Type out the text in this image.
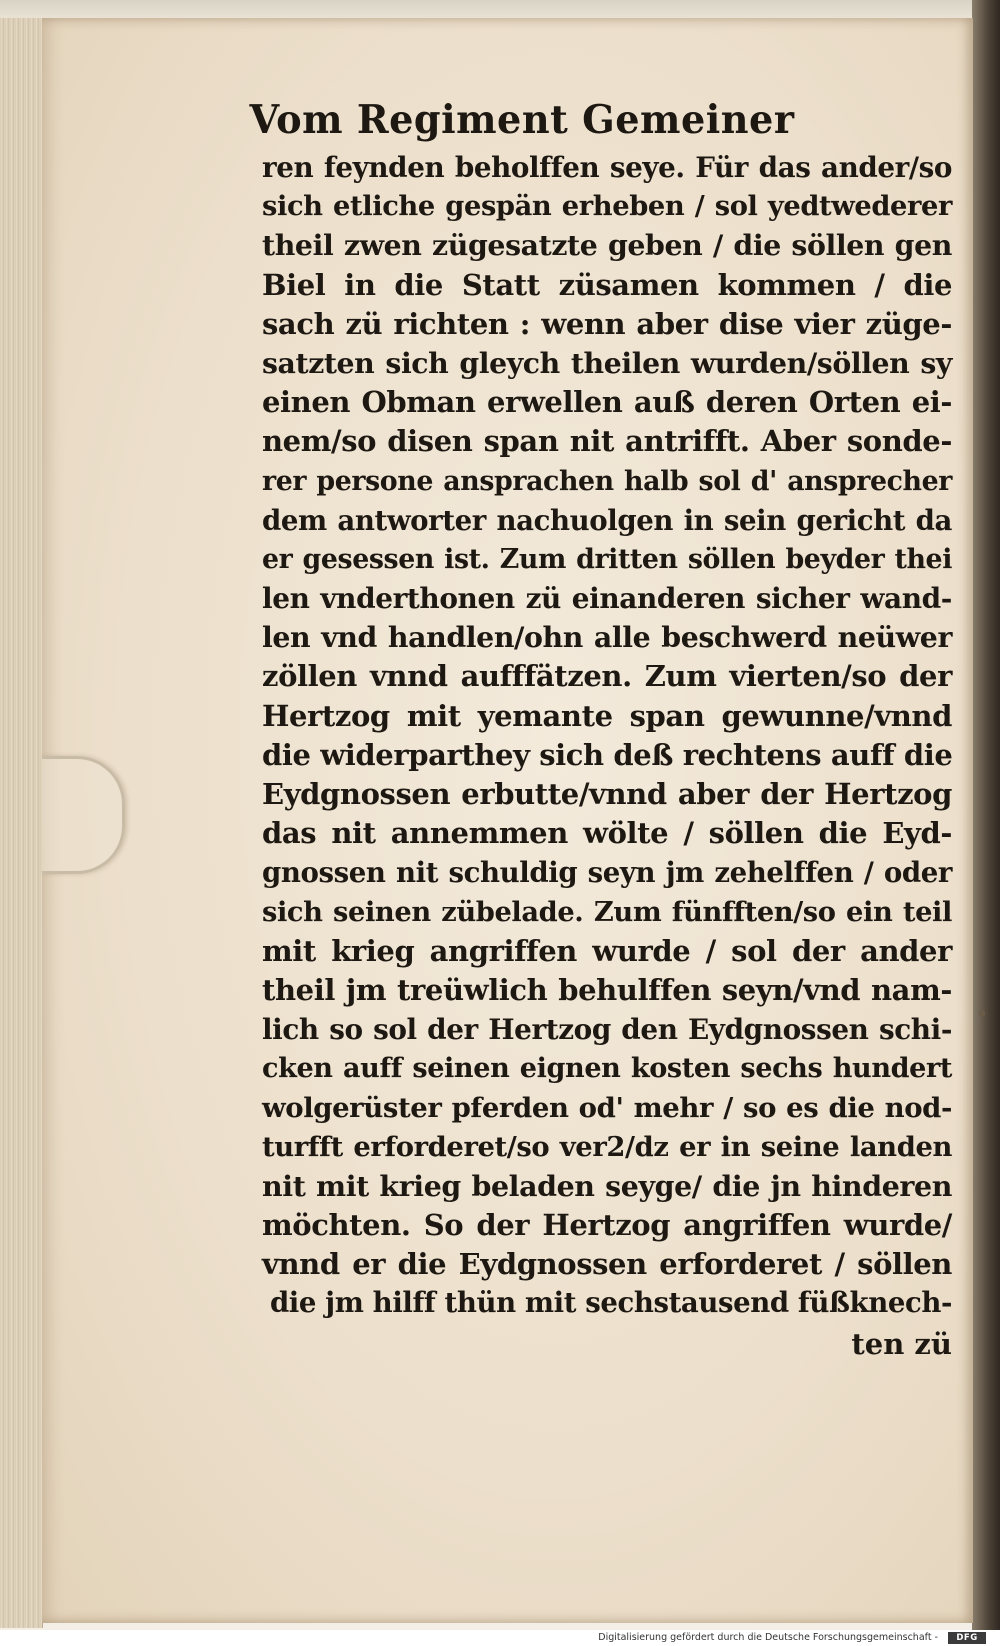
Vom Regiment Gemeiner
ren feynden beholffen seye. Für das ander/so
sich etliche gespän erheben / sol yedtwederer
theil zwen zügesatzte geben / die söllen gen
Biel in die Statt züsamen kommen / die
sach zü richten : wenn aber dise vier züge-
satzten sich gleych theilen wurden/söllen sy
einen Obman erwellen auß deren Orten ei-
nem/so disen span nit antrifft. Aber sonde-
rer persone ansprachen halb sol d' ansprecher
dem antworter nachuolgen in sein gericht da
er gesessen ist. Zum dritten söllen beyder thei
len vnderthonen zü einanderen sicher wand-
len vnd handlen/ohn alle beschwerd neüwer
zöllen vnnd aufffätzen. Zum vierten/so der
Hertzog mit yemante span gewunne/vnnd
die widerparthey sich deß rechtens auff die
Eydgnossen erbutte/vnnd aber der Hertzog
das nit annemmen wölte / söllen die Eyd-
gnossen nit schuldig seyn jm zehelffen / oder
sich seinen zübelade. Zum fünfften/so ein teil
mit krieg angriffen wurde / sol der ander
theil jm treüwlich behulffen seyn/vnd nam-
lich so sol der Hertzog den Eydgnossen schi-
cken auff seinen eignen kosten sechs hundert
wolgerüster pferden od' mehr / so es die nod-
turfft erforderet/so ver2/dz er in seine landen
nit mit krieg beladen seyge/ die jn hinderen
möchten. So der Hertzog angriffen wurde/
vnnd er die Eydgnossen erforderet / söllen
die jm hilff thün mit sechstausend füßknech-
ten zü
Digitalisierung gefördert durch die Deutsche Forschungsgemeinschaft -	DFG
